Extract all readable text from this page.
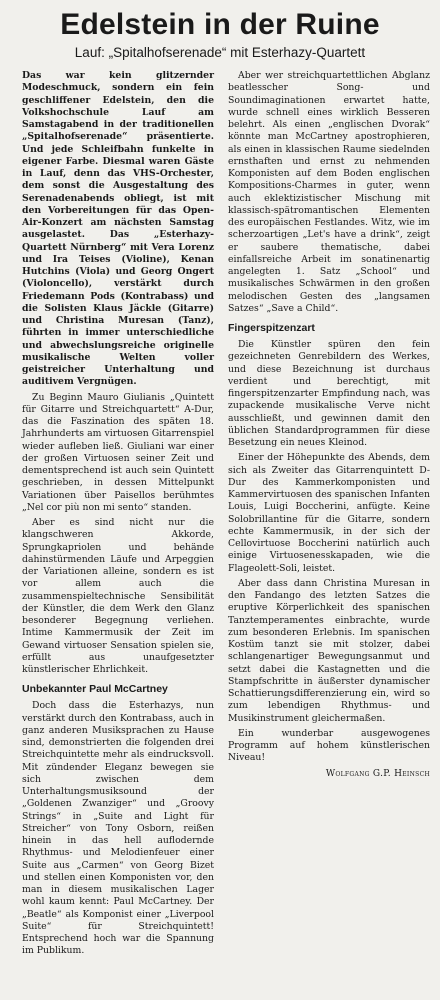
Edelstein in der Ruine
Lauf: „Spitalhofserenade“ mit Esterhazy-Quartett

Das war kein glitzernder Modeschmuck, sondern ein fein geschliffener Edelstein, den die Volkshochschule Lauf am Samstagabend in der traditionellen „Spitalhofserenade“ präsentierte. Und jede Schleifbahn funkelte in eigener Farbe. Diesmal waren Gäste in Lauf, denn das VHS-Orchester, dem sonst die Ausgestaltung des Serenadenabends obliegt, ist mit den Vorbereitungen für das Open-Air-Konzert am nächsten Samstag ausgelastet. Das „Esterhazy-Quartett Nürnberg“ mit Vera Lorenz und Ira Teises (Violine), Kenan Hutchins (Viola) und Georg Ongert (Violoncello), verstärkt durch Friedemann Pods (Kontrabass) und die Solisten Klaus Jäckle (Gitarre) und Christina Muresan (Tanz), führten in immer unterschiedliche und abwechslungsreiche originelle musikalische Welten voller geistreicher Unterhaltung und auditivem Vergnügen.

Zu Beginn Mauro Giulianis „Quintett für Gitarre und Streichquartett“ A-Dur, das die Faszination des späten 18. Jahrhunderts am virtuosen Gitarrenspiel wieder aufleben ließ. Giuliani war einer der großen Virtuosen seiner Zeit und dementsprechend ist auch sein Quintett geschrieben, in dessen Mittelpunkt Variationen über Paisellos berühmtes „Nel cor più non mi sento“ standen.

Aber es sind nicht nur die klangschweren Akkorde, Sprungkapriolen und behände dahinstürmenden Läufe und Arpeggien der Variationen alleine, sondern es ist vor allem auch die zusammenspieltechnische Sensibilität der Künstler, die dem Werk den Glanz besonderer Begegnung verliehen. Intime Kammermusik der Zeit im Gewand virtuoser Sensation spielen sie, erfüllt aus unaufgesetzter künstlerischer Ehrlichkeit.

Unbekannter Paul McCartney

Doch dass die Esterhazys, nun verstärkt durch den Kontrabass, auch in ganz anderen Musiksprachen zu Hause sind, demonstrierten die folgenden drei Streichquintette mehr als eindrucksvoll. Mit zündender Eleganz bewegen sie sich zwischen dem Unterhaltungsmusiksound der „Goldenen Zwanziger“ und „Groovy Strings“ in „Suite and Light für Streicher“ von Tony Osborn, reißen hinein in das hell auflodernde Rhythmus- und Melodienfeuer einer Suite aus „Carmen“ von Georg Bizet und stellen einen Komponisten vor, den man in diesem musikalischen Lager wohl kaum kennt: Paul McCartney. Der „Beatle“ als Komponist einer „Liverpool Suite“ für Streichquintett! Entsprechend hoch war die Spannung im Publikum.

Aber wer streichquartettlichen Abglanz beatlesscher Song- und Soundimaginationen erwartet hatte, wurde schnell eines wirklich Besseren belehrt. Als einen „englischen Dvorak“ könnte man McCartney apostrophieren, als einen in klassischen Raume siedelnden ernsthaften und ernst zu nehmenden Komponisten auf dem Boden englischen Kompositions-Charmes in guter, wenn auch eklektizistischer Mischung mit klassisch-spätromantischen Elementen des europäischen Festlandes. Witz, wie im scherzoartigen „Let's have a drink“, zeigt er saubere thematische, dabei einfallsreiche Arbeit im sonatinenartig angelegten 1. Satz „School“ und musikalisches Schwärmen in den großen melodischen Gesten des „langsamen Satzes“ „Save a Child“.

Fingerspitzenzart

Die Künstler spüren den fein gezeichneten Genrebildern des Werkes, und diese Bezeichnung ist durchaus verdient und berechtigt, mit fingerspitzenzarter Empfindung nach, was zupackende musikalische Verve nicht ausschließt, und gewinnen damit den üblichen Standardprogrammen für diese Besetzung ein neues Kleinod.

Einer der Höhepunkte des Abends, dem sich als Zweiter das Gitarrenquintett D-Dur des Kammerkomponisten und Kammervirtuosen des spanischen Infanten Louis, Luigi Boccherini, anfügte. Keine Solobrillantine für die Gitarre, sondern echte Kammermusik, in der sich der Cellovirtuose Boccherini natürlich auch einige Virtuosenesskapaden, wie die Flageolett-Soli, leistet.

Aber dass dann Christina Muresan in den Fandango des letzten Satzes die eruptive Körperlichkeit des spanischen Tanztemperamentes einbrachte, wurde zum besonderen Erlebnis. Im spanischen Kostüm tanzt sie mit stolzer, dabei schlangenartiger Bewegungsanmut und setzt dabei die Kastagnetten und die Stampfschritte in äußerster dynamischer Schattierungsdifferenzierung ein, wird so zum lebendigen Rhythmus- und Musikinstrument gleichermaßen.

Ein wunderbar ausgewogenes Programm auf hohem künstlerischen Niveau!

Wolfgang G.P. Heinsch
